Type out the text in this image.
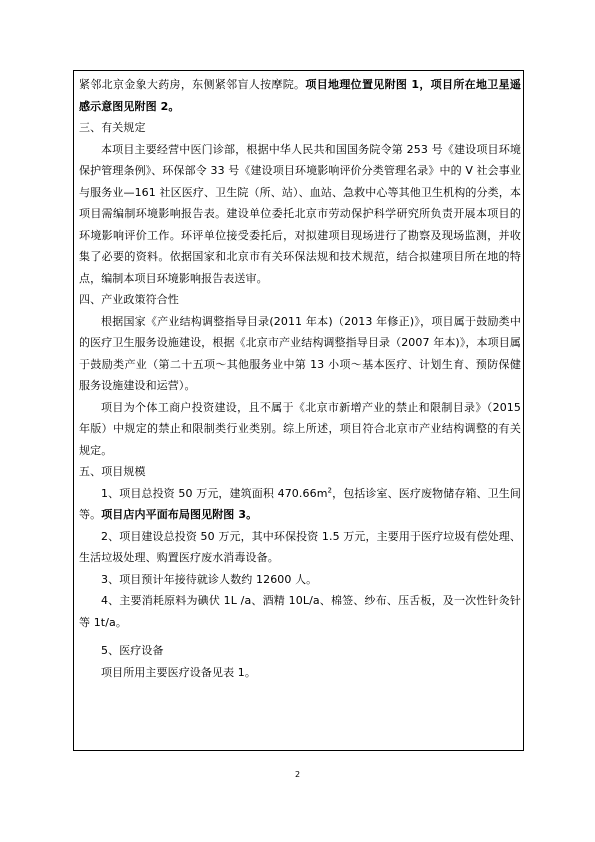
紧邻北京金象大药房，东侧紧邻盲人按摩院。项目地理位置见附图 1，项目所在地卫星遥感示意图见附图 2。

三、有关规定

本项目主要经营中医门诊部，根据中华人民共和国国务院令第 253 号《建设项目环境保护管理条例》、环保部令 33 号《建设项目环境影响评价分类管理名录》中的 V 社会事业与服务业—161 社区医疗、卫生院（所、站）、血站、急救中心等其他卫生机构的分类，本项目需编制环境影响报告表。建设单位委托北京市劳动保护科学研究所负责开展本项目的环境影响评价工作。环评单位接受委托后，对拟建项目现场进行了勘察及现场监测，并收集了必要的资料。依据国家和北京市有关环保法规和技术规范，结合拟建项目所在地的特点，编制本项目环境影响报告表送审。

四、产业政策符合性

根据国家《产业结构调整指导目录(2011 年本)（2013 年修正)》，项目属于鼓励类中的医疗卫生服务设施建设，根据《北京市产业结构调整指导目录（2007 年本)》，本项目属于鼓励类产业（第二十五项～其他服务业中第 13 小项～基本医疗、计划生育、预防保健服务设施建设和运营）。

项目为个体工商户投资建设，且不属于《北京市新增产业的禁止和限制目录》（2015 年版）中规定的禁止和限制类行业类别。综上所述，项目符合北京市产业结构调整的有关规定。

五、项目规模

1、项目总投资 50 万元，建筑面积 $470.66m^2$，包括诊室、医疗废物储存箱、卫生间等。项目店内平面布局图见附图 3。

2、项目建设总投资 50 万元，其中环保投资 1.5 万元，主要用于医疗垃圾有偿处理、生活垃圾处理、购置医疗废水消毒设备。

3、项目预计年接待就诊人数约 12600 人。

4、主要消耗原料为碘伏 1L /a、酒精 10L/a、棉签、纱布、压舌板，及一次性针灸针等 1t/a。

5、医疗设备

项目所用主要医疗设备见表 1。

2
